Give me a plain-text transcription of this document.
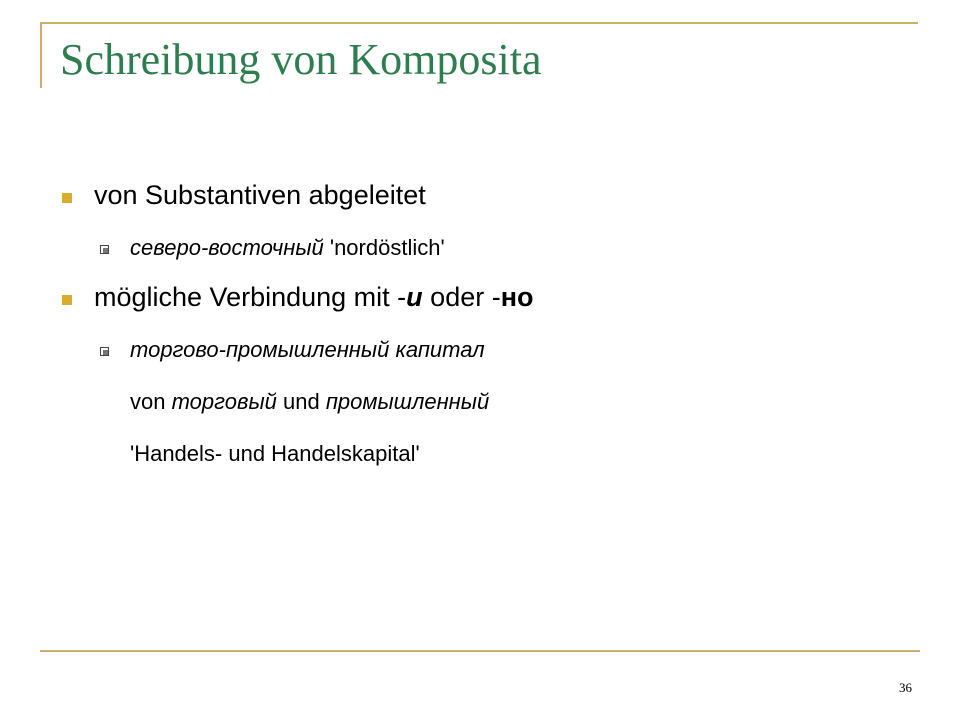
Schreibung von Komposita
von Substantiven abgeleitet
северо-восточный 'nordöstlich'
mögliche Verbindung mit -и oder -но
торгово-промышленный капитал
von торговый und промышленный
'Handels- und Handelskapital'
36
